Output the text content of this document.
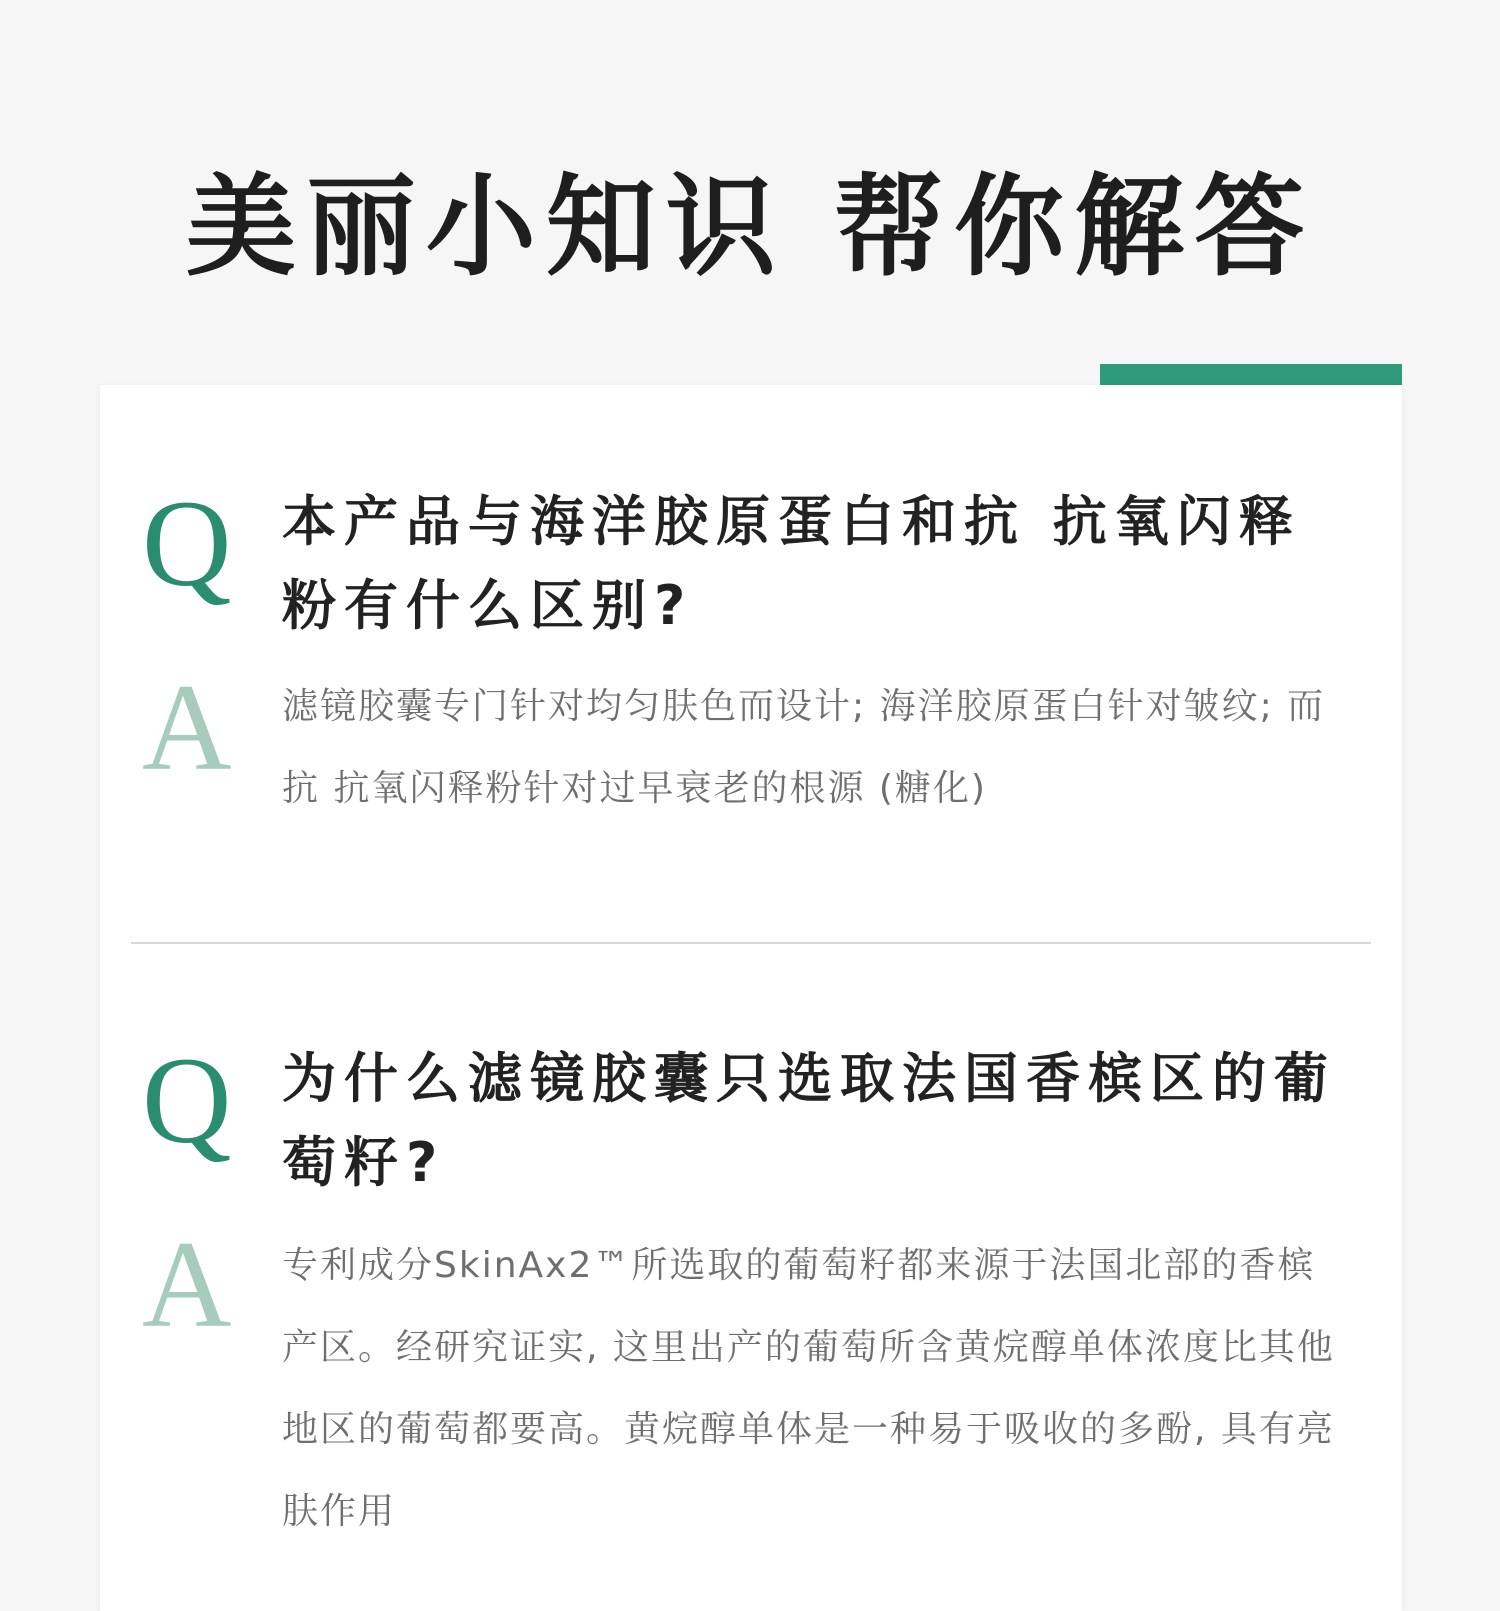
美丽小知识 帮你解答
Q 本产品与海洋胶原蛋白和抗 抗氧闪释粉有什么区别?

A 滤镜胶囊专门针对均匀肤色而设计; 海洋胶原蛋白针对皱纹; 而抗 抗氧闪释粉针对过早衰老的根源 (糖化)

Q 为什么滤镜胶囊只选取法国香槟区的葡萄籽?

A 专利成分SkinAx2™所选取的葡萄籽都来源于法国北部的香槟产区。经研究证实, 这里出产的葡萄所含黄烷醇单体浓度比其他地区的葡萄都要高。黄烷醇单体是一种易于吸收的多酚, 具有亮肤作用
